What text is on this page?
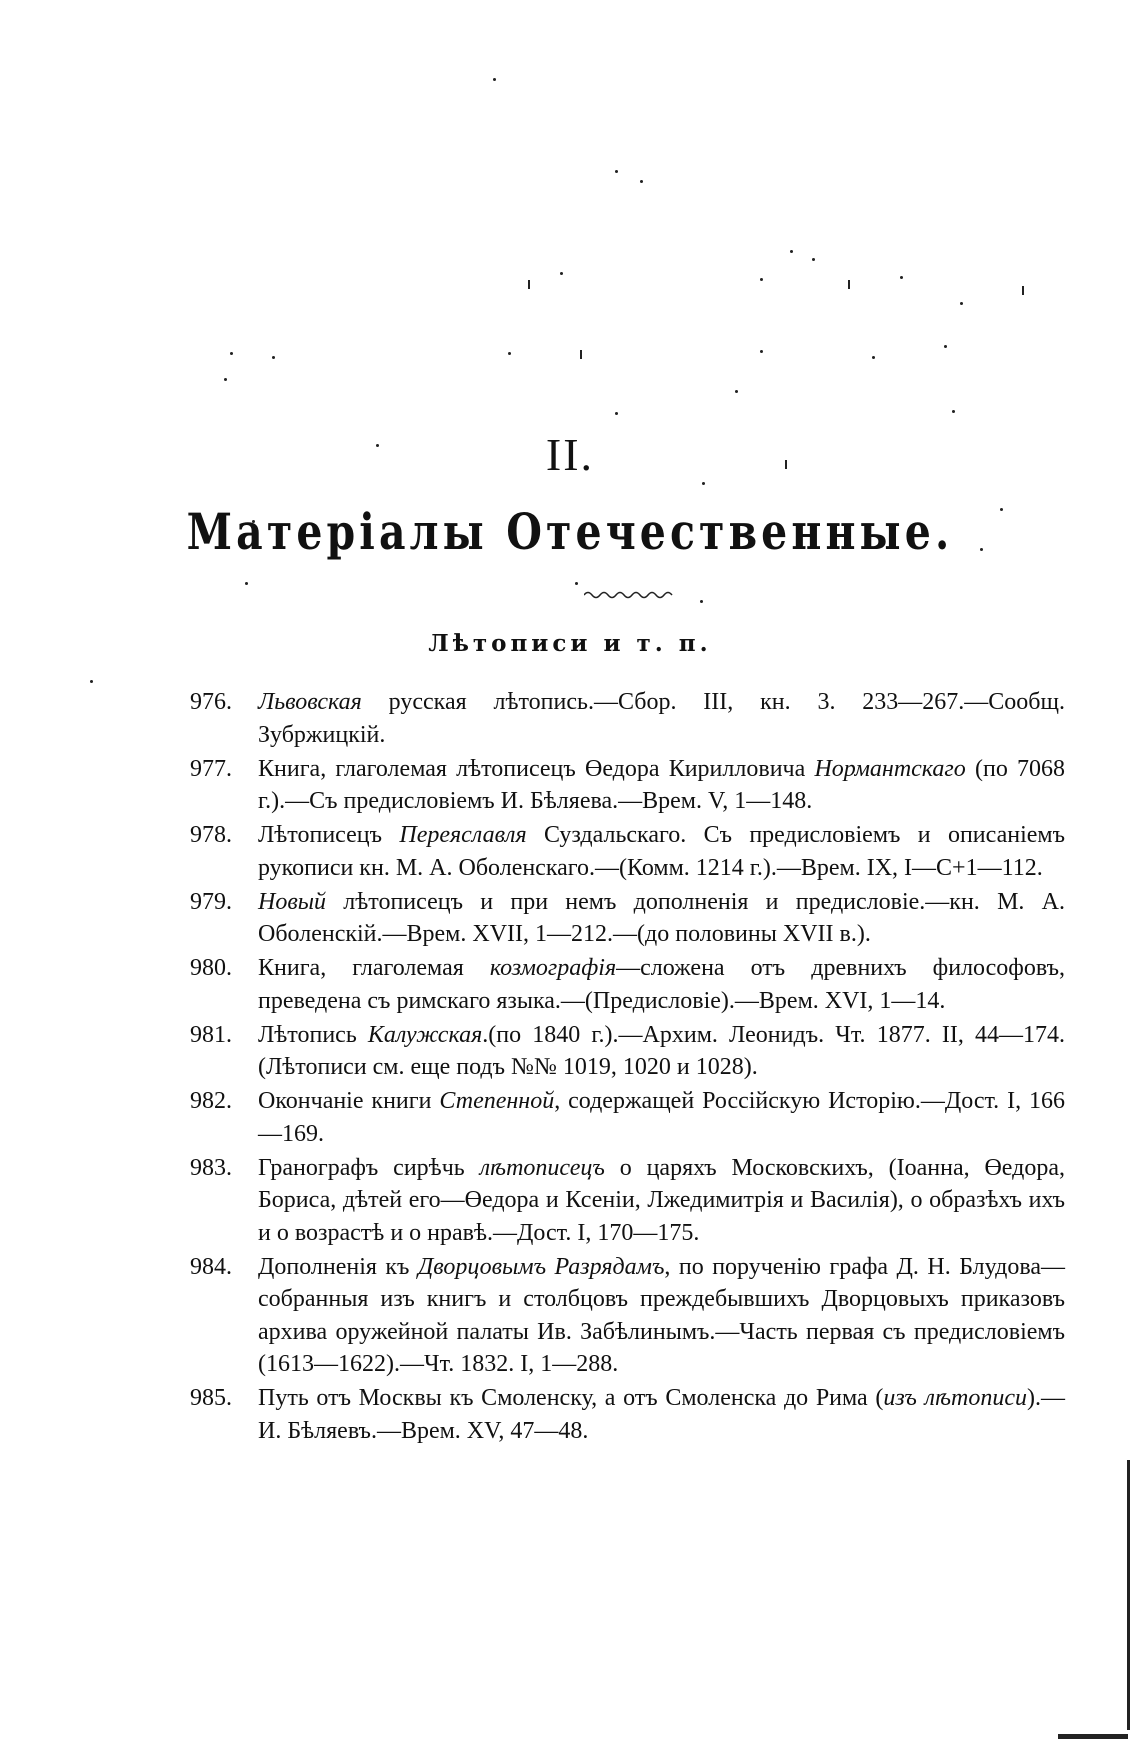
II.
Матеріалы Отечественные.
Лѣтописи и т. п.
976. Львовская русская лѣтопись.—Сбор. III, кн. 3. 233—267.—Сообщ. Зубржицкій.
977. Книга, глаголемая лѣтописецъ Өедора Кирилловича Нормантскаго (по 7068 г.).—Съ предисловіемъ И. Бѣляева.—Врем. V, 1—148.
978. Лѣтописецъ Переяславля Суздальскаго. Съ предисловіемъ и описаніемъ рукописи кн. М. А. Оболенскаго.—(Комм. 1214 г.).—Врем. IX, I—C+1—112.
979. Новый лѣтописецъ и при немъ дополненія и предисловіе.—кн. М. А. Оболенскій.—Врем. XVII, 1—212.—(до половины XVII в.).
980. Книга, глаголемая козмографія—сложена отъ древнихъ философовъ, преведена съ римскаго языка.—(Предисловіе).—Врем. XVI, 1—14.
981. Лѣтопись Калужская.(по 1840 г.).—Архим. Леонидъ. Чт. 1877. II, 44—174. (Лѣтописи см. еще подъ №№ 1019, 1020 и 1028).
982. Окончаніе книги Степенной, содержащей Россійскую Исторію.—Дост. I, 166—169.
983. Гранографъ сирѣчь лѣтописецъ о царяхъ Московскихъ, (Іоанна, Өедора, Бориса, дѣтей его—Өедора и Ксеніи, Лжедимитрія и Василія), о образѣхъ ихъ и о возрастѣ и о нравѣ.—Дост. I, 170—175.
984. Дополненія къ Дворцовымъ Разрядамъ, по порученію графа Д. Н. Блудова—собранныя изъ книгъ и столбцовъ преждебывшихъ Дворцовыхъ приказовъ архива оружейной палаты Ив. Забѣлинымъ.—Часть первая съ предисловіемъ (1613—1622).—Чт. 1832. I, 1—288.
985. Путь отъ Москвы къ Смоленску, а отъ Смоленска до Рима (изъ лѣтописи).—И. Бѣляевъ.—Врем. XV, 47—48.
